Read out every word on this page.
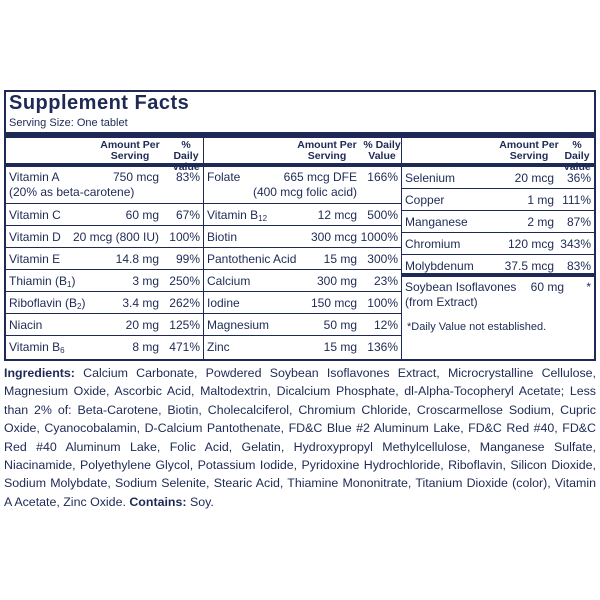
Supplement Facts
Serving Size: One tablet
Amount Per
Serving
% Daily
Value
Vitamin A
(20% as beta-carotene)
750 mcg 83%
Vitamin C	60 mg 67%
Vitamin D 20 mcg (800 IU) 100%
Vitamin E	14.8 mg 99%
Thiamin $(B_1)$	3 mg 250%
Riboflavin $(B_2)$	3.4 mg 262%
Niacin	20 mg 125%
Vitamin $B_6$	8 mg 471%
Amount Per
Serving
% Daily
Value
Folate	665 mcg DFE
(400 mcg folic acid)
166%
Vitamin $B_{12}$	12 mcg 500%
Biotin	300 mcg 1000%
Pantothenic Acid 15 mg 300%
Calcium	300 mg 23%
Iodine	150 mcg 100%
Magnesium	50 mg 12%
Zinc	15 mg 136%
Amount Per
Serving
% Daily
Value
Selenium	20 mcg 36%
Copper	1 mg 111%
Manganese	2 mg 87%
Chromium	120 mcg 343%
Molybdenum	37.5 mcg 83%
Soybean Isoflavones
(from Extract)
60 mg *
*Daily Value not established.
Ingredients: Calcium Carbonate, Powdered Soybean Isoflavones Extract, Microcrystalline Cellulose, Magnesium Oxide, Ascorbic Acid, Maltodextrin, Dicalcium Phosphate, dl-Alpha-Tocopheryl Acetate; Less than 2% of: Beta-Carotene, Biotin, Cholecalciferol, Chromium Chloride, Croscarmellose Sodium, Cupric Oxide, Cyanocobalamin, D-Calcium Pantothenate, FD&C Blue #2 Aluminum Lake, FD&C Red #40, FD&C Red #40 Aluminum Lake, Folic Acid, Gelatin, Hydroxypropyl Methylcellulose, Manganese Sulfate, Niacinamide, Polyethylene Glycol, Potassium Iodide, Pyridoxine Hydrochloride, Riboflavin, Silicon Dioxide, Sodium Molybdate, Sodium Selenite, Stearic Acid, Thiamine Mononitrate, Titanium Dioxide (color), Vitamin A Acetate, Zinc Oxide. Contains: Soy.
